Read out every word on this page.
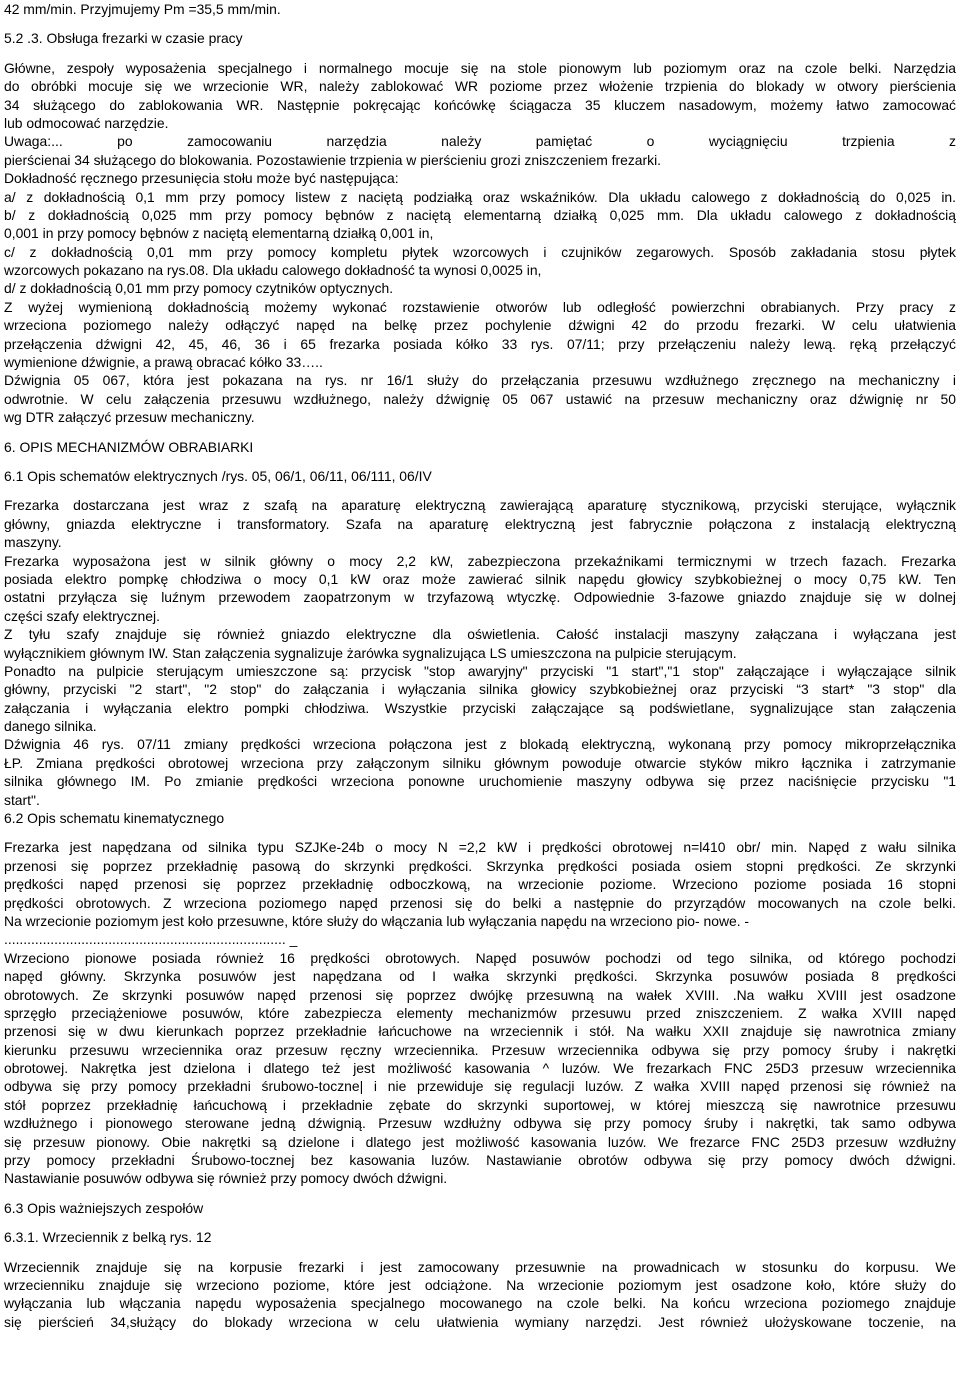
42 mm/min. Przyjmujemy Pm =35,5 mm/min.
5.2 .3. Obsługa frezarki w czasie pracy
Główne, zespoły wyposażenia specjalnego i normalnego mocuje się na stole pionowym lub poziomym oraz na czole belki. Narzędzia
do obróbki mocuje się we wrzecionie WR, należy zablokować WR poziome przez włożenie trzpienia do blokady w otwory pierścienia
34 służącego do zablokowania WR. Następnie pokręcając końcówkę ściągacza 35 kluczem nasadowym, możemy łatwo zamocować
lub odmocować narzędzie.
Uwaga:... po zamocowaniu narzędzia należy pamiętać o wyciągnięciu trzpienia z
pierścienai 34 służącego do blokowania. Pozostawienie trzpienia w pierścieniu grozi zniszczeniem frezarki.
Dokładność ręcznego przesunięcia stołu może być następująca:
a/ z dokładnością 0,1 mm przy pomocy listew z naciętą podziałką oraz wskaźników. Dla układu calowego z dokładnością do 0,025 in.
b/ z dokładnością 0,025 mm przy pomocy bębnów z naciętą elementarną działką 0,025 mm. Dla układu calowego z dokładnością
0,001 in przy pomocy bębnów z naciętą elementarną działką 0,001 in,
c/ z dokładnością 0,01 mm przy pomocy kompletu płytek wzorcowych i czujników zegarowych. Sposób zakładania stosu płytek
wzorcowych pokazano na rys.08. Dla układu calowego dokładność ta wynosi 0,0025 in,
d/ z dokładnością 0,01 mm przy pomocy czytników optycznych.
Z wyżej wymienioną dokładnością możemy wykonać rozstawienie otworów lub odległość powierzchni obrabianych. Przy pracy z
wrzeciona poziomego należy odłączyć napęd na belkę przez pochylenie dźwigni 42 do przodu frezarki. W celu ułatwienia
przełączenia dźwigni 42, 45, 46, 36 i 65 frezarka posiada kółko 33 rys. 07/11; przy przełączeniu należy lewą. ręką przełączyć
wymienione dźwignie, a prawą obracać kółko 33…..
Dźwignia 05 067, która jest pokazana na rys. nr 16/1 służy do przełączania przesuwu wzdłużnego zręcznego na mechaniczny i
odwrotnie. W celu załączenia przesuwu wzdłużnego, należy dźwignię 05 067 ustawić na przesuw mechaniczny oraz dźwignię nr 50
wg DTR załączyć przesuw mechaniczny.
6. OPIS MECHANIZMÓW OBRABIARKI
6.1 Opis schematów elektrycznych /rys. 05, 06/1, 06/11, 06/111, 06/IV
Frezarka dostarczana jest wraz z szafą na aparaturę elektryczną zawierającą aparaturę stycznikową, przyciski sterujące, wyłącznik
główny, gniazda elektryczne i transformatory. Szafa na aparaturę elektryczną jest fabrycznie połączona z instalacją elektryczną
maszyny.
Frezarka wyposażona jest w silnik główny o mocy 2,2 kW, zabezpieczona przekaźnikami termicznymi w trzech fazach. Frezarka
posiada elektro pompkę chłodziwa o mocy 0,1 kW oraz może zawierać silnik napędu głowicy szybkobieżnej o mocy 0,75 kW. Ten
ostatni przyłącza się luźnym przewodem zaopatrzonym w trzyfazową wtyczkę. Odpowiednie 3-fazowe gniazdo znajduje się w dolnej
części szafy elektrycznej.
Z tyłu szafy znajduje się również gniazdo elektryczne dla oświetlenia. Całość instalacji maszyny załączana i wyłączana jest
wyłącznikiem głównym IW. Stan załączenia sygnalizuje żarówka sygnalizująca LS umieszczona na pulpicie sterującym.
Ponadto na pulpicie sterującym umieszczone są: przycisk "stop awaryjny" przyciski "1 start","1 stop" załączające i wyłączające silnik
główny, przyciski "2 start", "2 stop" do załączania i wyłączania silnika głowicy szybkobieżnej oraz przyciski “3 start* "3 stop" dla
załączania i wyłączania elektro pompki chłodziwa. Wszystkie przyciski załączające są podświetlane, sygnalizujące stan załączenia
danego silnika.
Dźwignia 46 rys. 07/11 zmiany prędkości wrzeciona połączona jest z blokadą elektryczną, wykonaną przy pomocy mikroprzełącznika
ŁP. Zmiana prędkości obrotowej wrzeciona przy załączonym silniku głównym powoduje otwarcie styków mikro łącznika i zatrzymanie
silnika głównego IM. Po zmianie prędkości wrzeciona ponowne uruchomienie maszyny odbywa się przez naciśnięcie przycisku "1
start".
6.2 Opis schematu kinematycznego
Frezarka jest napędzana od silnika typu SZJKe-24b o mocy N =2,2 kW i prędkości obrotowej n=l410 obr/ min. Napęd z wału silnika
przenosi się poprzez przekładnię pasową do skrzynki prędkości. Skrzynka prędkości posiada osiem stopni prędkości. Ze skrzynki
prędkości napęd przenosi się poprzez przekładnię odboczkową, na wrzecionie poziome. Wrzeciono poziome posiada 16 stopni
prędkości obrotowych. Z wrzeciona poziomego napęd przenosi się do belki a następnie do przyrządów mocowanych na czole belki.
Na wrzecionie poziomym jest koło przesuwne, które służy do włączania lub wyłączania napędu na wrzeciono pio- nowe. -
......................................................................... _
Wrzeciono pionowe posiada również 16 prędkości obrotowych. Napęd posuwów pochodzi od tego silnika, od którego pochodzi
napęd główny. Skrzynka posuwów jest napędzana od I wałka skrzynki prędkości. Skrzynka posuwów posiada 8 prędkości
obrotowych. Ze skrzynki posuwów napęd przenosi się poprzez dwójkę przesuwną na wałek XVIII. .Na wałku XVIII jest osadzone
sprzęgło przeciążeniowe posuwów, które zabezpiecza elementy mechanizmów przesuwu przed zniszczeniem. Z wałka XVIII napęd
przenosi się w dwu kierunkach poprzez przekładnie łańcuchowe na wrzeciennik i stół. Na wałku XXII znajduje się nawrotnica zmiany
kierunku przesuwu wrzeciennika oraz przesuw ręczny wrzeciennika. Przesuw wrzeciennika odbywa się przy pomocy śruby i nakrętki
obrotowej. Nakrętka jest dzielona i dlatego też jest możliwość kasowania ^ luzów. We frezarkach FNC 25D3 przesuw wrzeciennika
odbywa się przy pomocy przekładni śrubowo-toczne| i nie przewiduje się regulacji luzów. Z wałka XVIII napęd przenosi się również na
stół poprzez przekładnię łańcuchową i przekładnie zębate do skrzynki suportowej, w której mieszczą się nawrotnice przesuwu
wzdłużnego i pionowego sterowane jedną dźwignią. Przesuw wzdłużny odbywa się przy pomocy śruby i nakrętki, tak samo odbywa
się przesuw pionowy. Obie nakrętki są dzielone i dlatego jest możliwość kasowania luzów. We frezarce FNC 25D3 przesuw wzdłużny
przy pomocy przekładni Śrubowo-tocznej bez kasowania luzów. Nastawianie obrotów odbywa się przy pomocy dwóch dźwigni.
Nastawianie posuwów odbywa się również przy pomocy dwóch dźwigni.
6.3 Opis ważniejszych zespołów
6.3.1. Wrzeciennik z belką rys. 12
Wrzeciennik znajduje się na korpusie frezarki i jest zamocowany przesuwnie na prowadnicach w stosunku do korpusu. We
wrzecienniku znajduje się wrzeciono poziome, które jest odciążone. Na wrzecionie poziomym jest osadzone koło, które służy do
wyłączania lub włączania napędu wyposażenia specjalnego mocowanego na czole belki. Na końcu wrzeciona poziomego znajduje
się pierścień 34,służący do blokady wrzeciona w celu ułatwienia wymiany narzędzi. Jest również ułożyskowane toczenie, na
